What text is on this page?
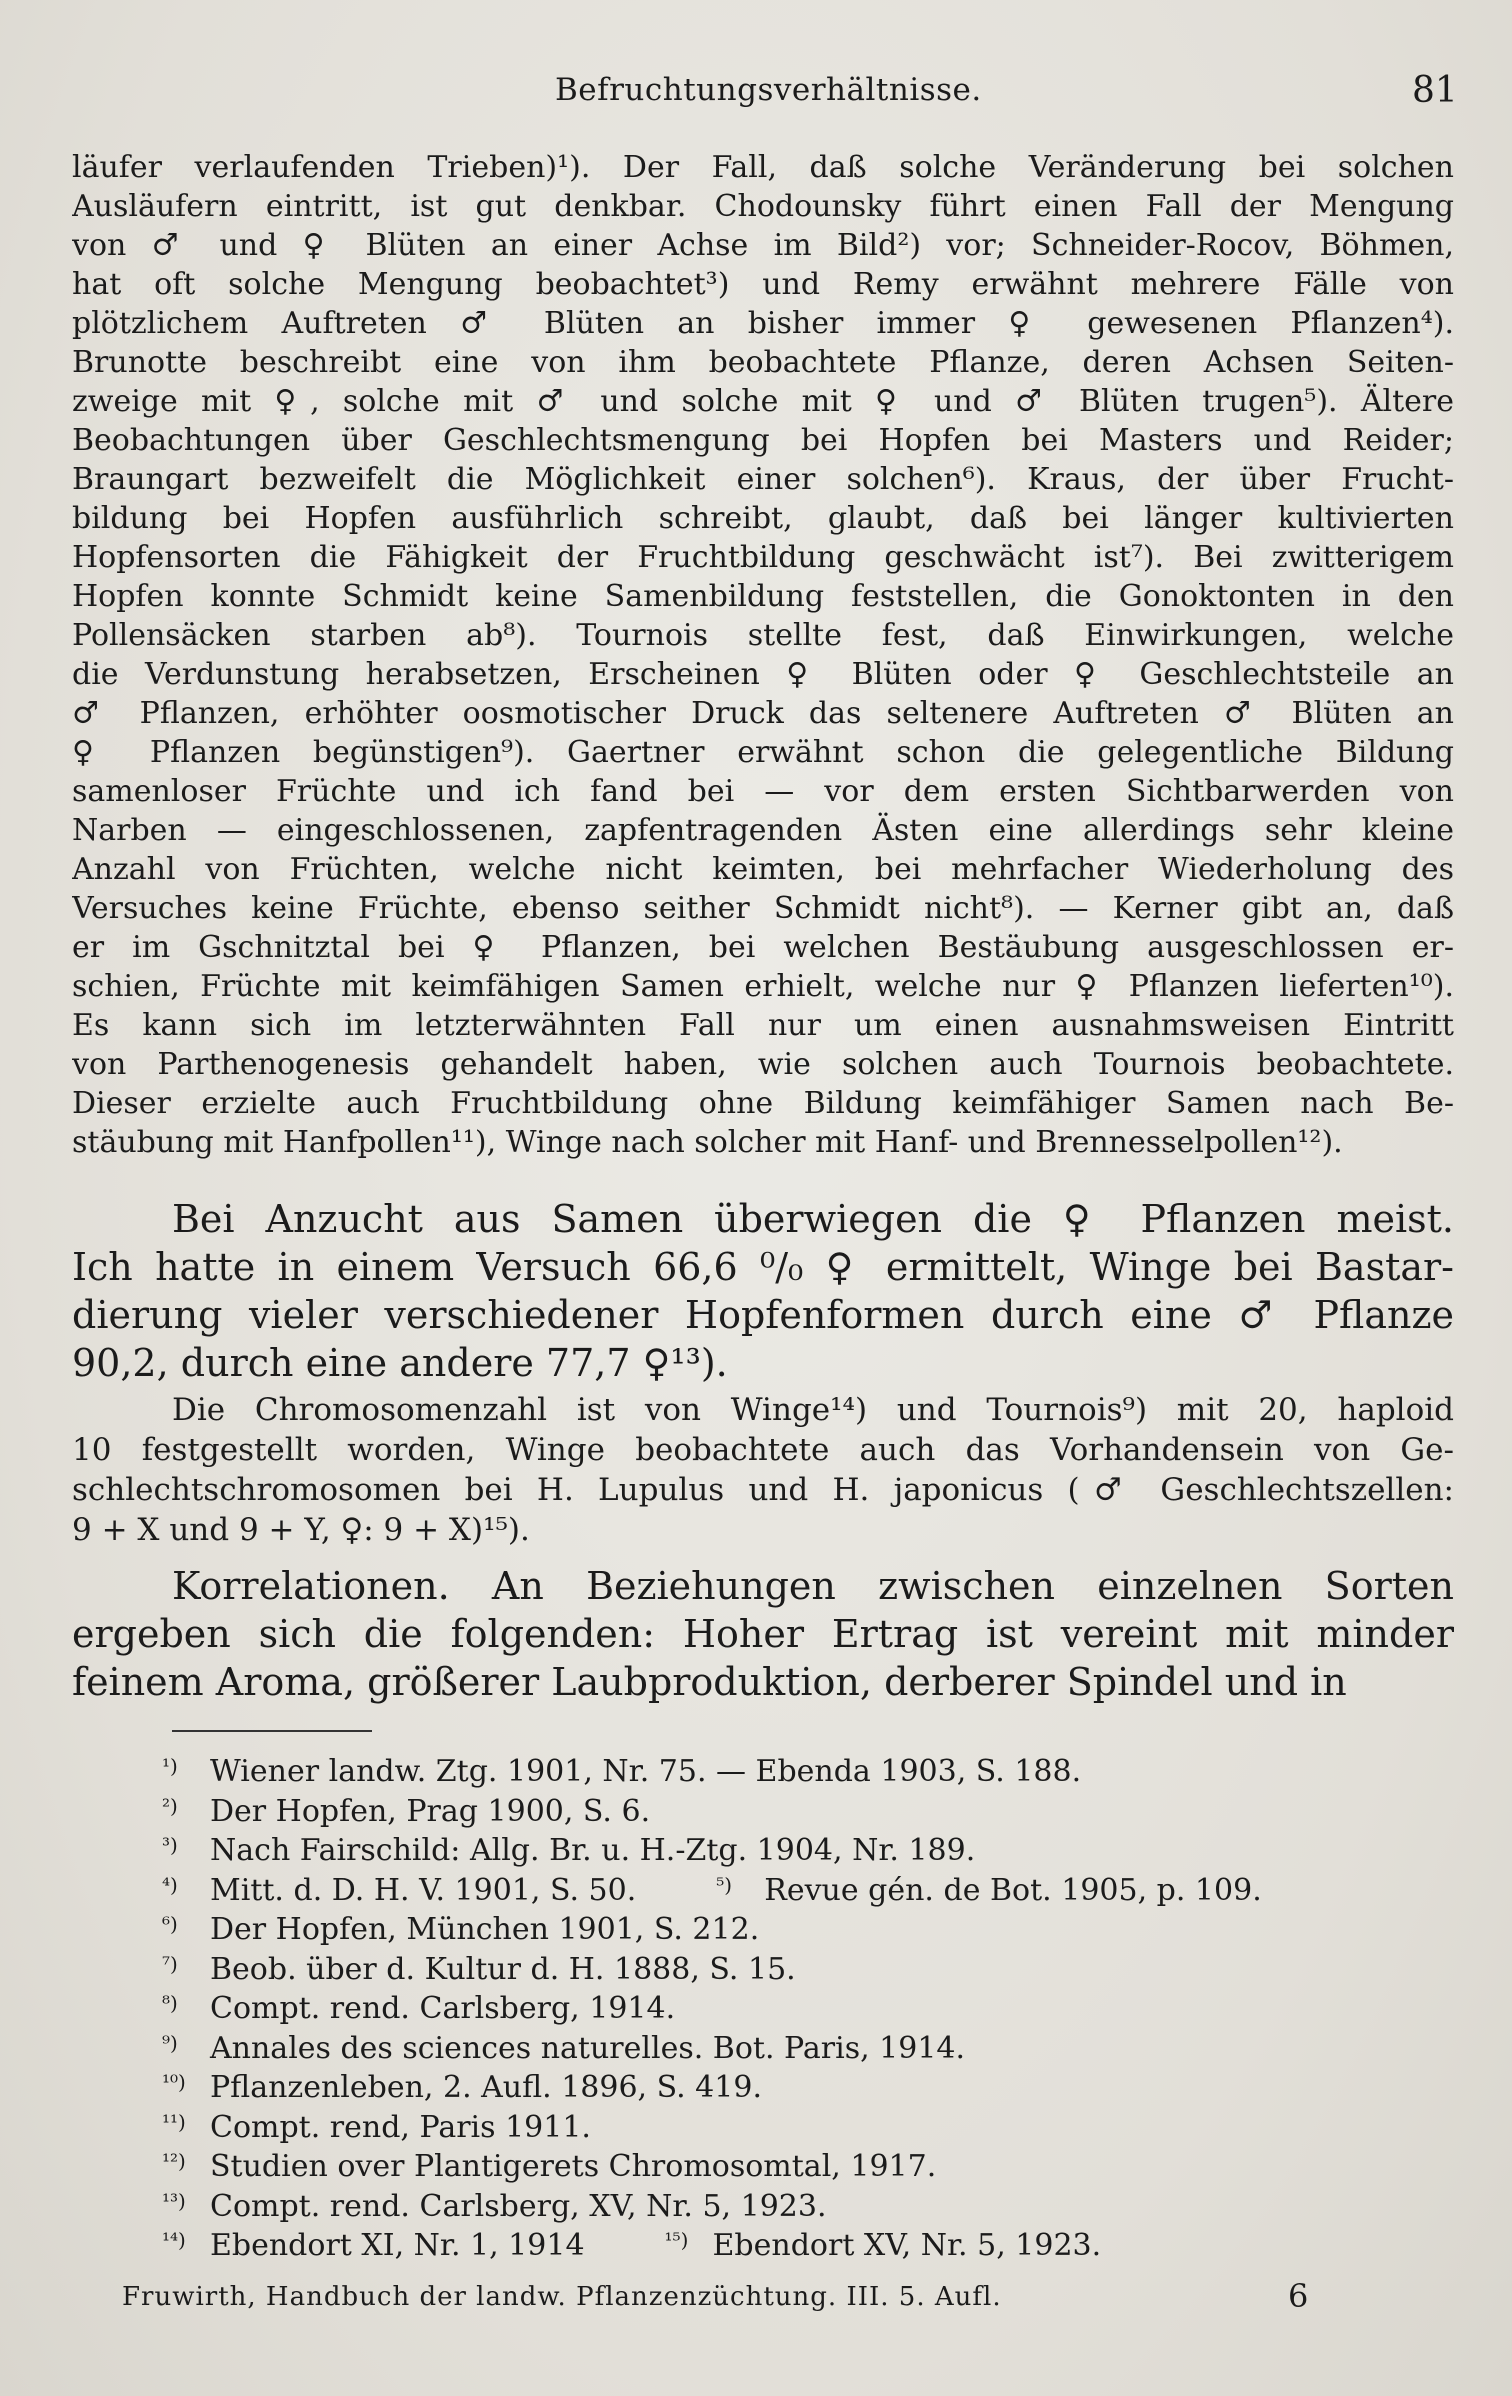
Befruchtungsverhältnisse.	81
läufer verlaufenden Trieben)¹). Der Fall, daß solche Veränderung bei solchen
Ausläufern eintritt, ist gut denkbar. Chodounsky führt einen Fall der Mengung
von ♂ und ♀ Blüten an einer Achse im Bild²) vor; Schneider-Rocov, Böhmen,
hat oft solche Mengung beobachtet³) und Remy erwähnt mehrere Fälle von
plötzlichem Auftreten ♂ Blüten an bisher immer ♀ gewesenen Pflanzen⁴).
Brunotte beschreibt eine von ihm beobachtete Pflanze, deren Achsen Seiten-
zweige mit ♀, solche mit ♂ und solche mit ♀ und ♂ Blüten trugen⁵). Ältere
Beobachtungen über Geschlechtsmengung bei Hopfen bei Masters und Reider;
Braungart bezweifelt die Möglichkeit einer solchen⁶). Kraus, der über Frucht-
bildung bei Hopfen ausführlich schreibt, glaubt, daß bei länger kultivierten
Hopfensorten die Fähigkeit der Fruchtbildung geschwächt ist⁷). Bei zwitterigem
Hopfen konnte Schmidt keine Samenbildung feststellen, die Gonoktonten in den
Pollensäcken starben ab⁸). Tournois stellte fest, daß Einwirkungen, welche
die Verdunstung herabsetzen, Erscheinen ♀ Blüten oder ♀ Geschlechtsteile an
♂ Pflanzen, erhöhter oosmotischer Druck das seltenere Auftreten ♂ Blüten an
♀ Pflanzen begünstigen⁹). Gaertner erwähnt schon die gelegentliche Bildung
samenloser Früchte und ich fand bei — vor dem ersten Sichtbarwerden von
Narben — eingeschlossenen, zapfentragenden Ästen eine allerdings sehr kleine
Anzahl von Früchten, welche nicht keimten, bei mehrfacher Wiederholung des
Versuches keine Früchte, ebenso seither Schmidt nicht⁸). — Kerner gibt an, daß
er im Gschnitztal bei ♀ Pflanzen, bei welchen Bestäubung ausgeschlossen er-
schien, Früchte mit keimfähigen Samen erhielt, welche nur ♀ Pflanzen lieferten¹⁰).
Es kann sich im letzterwähnten Fall nur um einen ausnahmsweisen Eintritt
von Parthenogenesis gehandelt haben, wie solchen auch Tournois beobachtete.
Dieser erzielte auch Fruchtbildung ohne Bildung keimfähiger Samen nach Be-
stäubung mit Hanfpollen¹¹), Winge nach solcher mit Hanf- und Brennesselpollen¹²).
Bei Anzucht aus Samen überwiegen die ♀ Pflanzen meist.
Ich hatte in einem Versuch 66,6 ⁰/₀ ♀ ermittelt, Winge bei Bastar-
dierung vieler verschiedener Hopfenformen durch eine ♂ Pflanze
90,2, durch eine andere 77,7 ♀¹³).
Die Chromosomenzahl ist von Winge¹⁴) und Tournois⁹) mit 20, haploid
10 festgestellt worden, Winge beobachtete auch das Vorhandensein von Ge-
schlechtschromosomen bei H. Lupulus und H. japonicus (♂ Geschlechtszellen:
9 + X und 9 + Y, ♀: 9 + X)¹⁵).
Korrelationen. An Beziehungen zwischen einzelnen Sorten
ergeben sich die folgenden: Hoher Ertrag ist vereint mit minder
feinem Aroma, größerer Laubproduktion, derberer Spindel und in
¹)	Wiener landw. Ztg. 1901, Nr. 75. — Ebenda 1903, S. 188.
²)	Der Hopfen, Prag 1900, S. 6.
³)	Nach Fairschild: Allg. Br. u. H.-Ztg. 1904, Nr. 189.
⁴)	Mitt. d. D. H. V. 1901, S. 50.	⁵)	Revue gén. de Bot. 1905, p. 109.
⁶)	Der Hopfen, München 1901, S. 212.
⁷)	Beob. über d. Kultur d. H. 1888, S. 15.
⁸)	Compt. rend. Carlsberg, 1914.
⁹)	Annales des sciences naturelles. Bot. Paris, 1914.
¹⁰) Pflanzenleben, 2. Aufl. 1896, S. 419.
¹¹) Compt. rend, Paris 1911.
¹²) Studien over Plantigerets Chromosomtal, 1917.
¹³) Compt. rend. Carlsberg, XV, Nr. 5, 1923.
¹⁴) Ebendort XI, Nr. 1, 1914	¹⁵) Ebendort XV, Nr. 5, 1923.
Fruwirth, Handbuch der landw. Pflanzenzüchtung. III. 5. Aufl.	6
